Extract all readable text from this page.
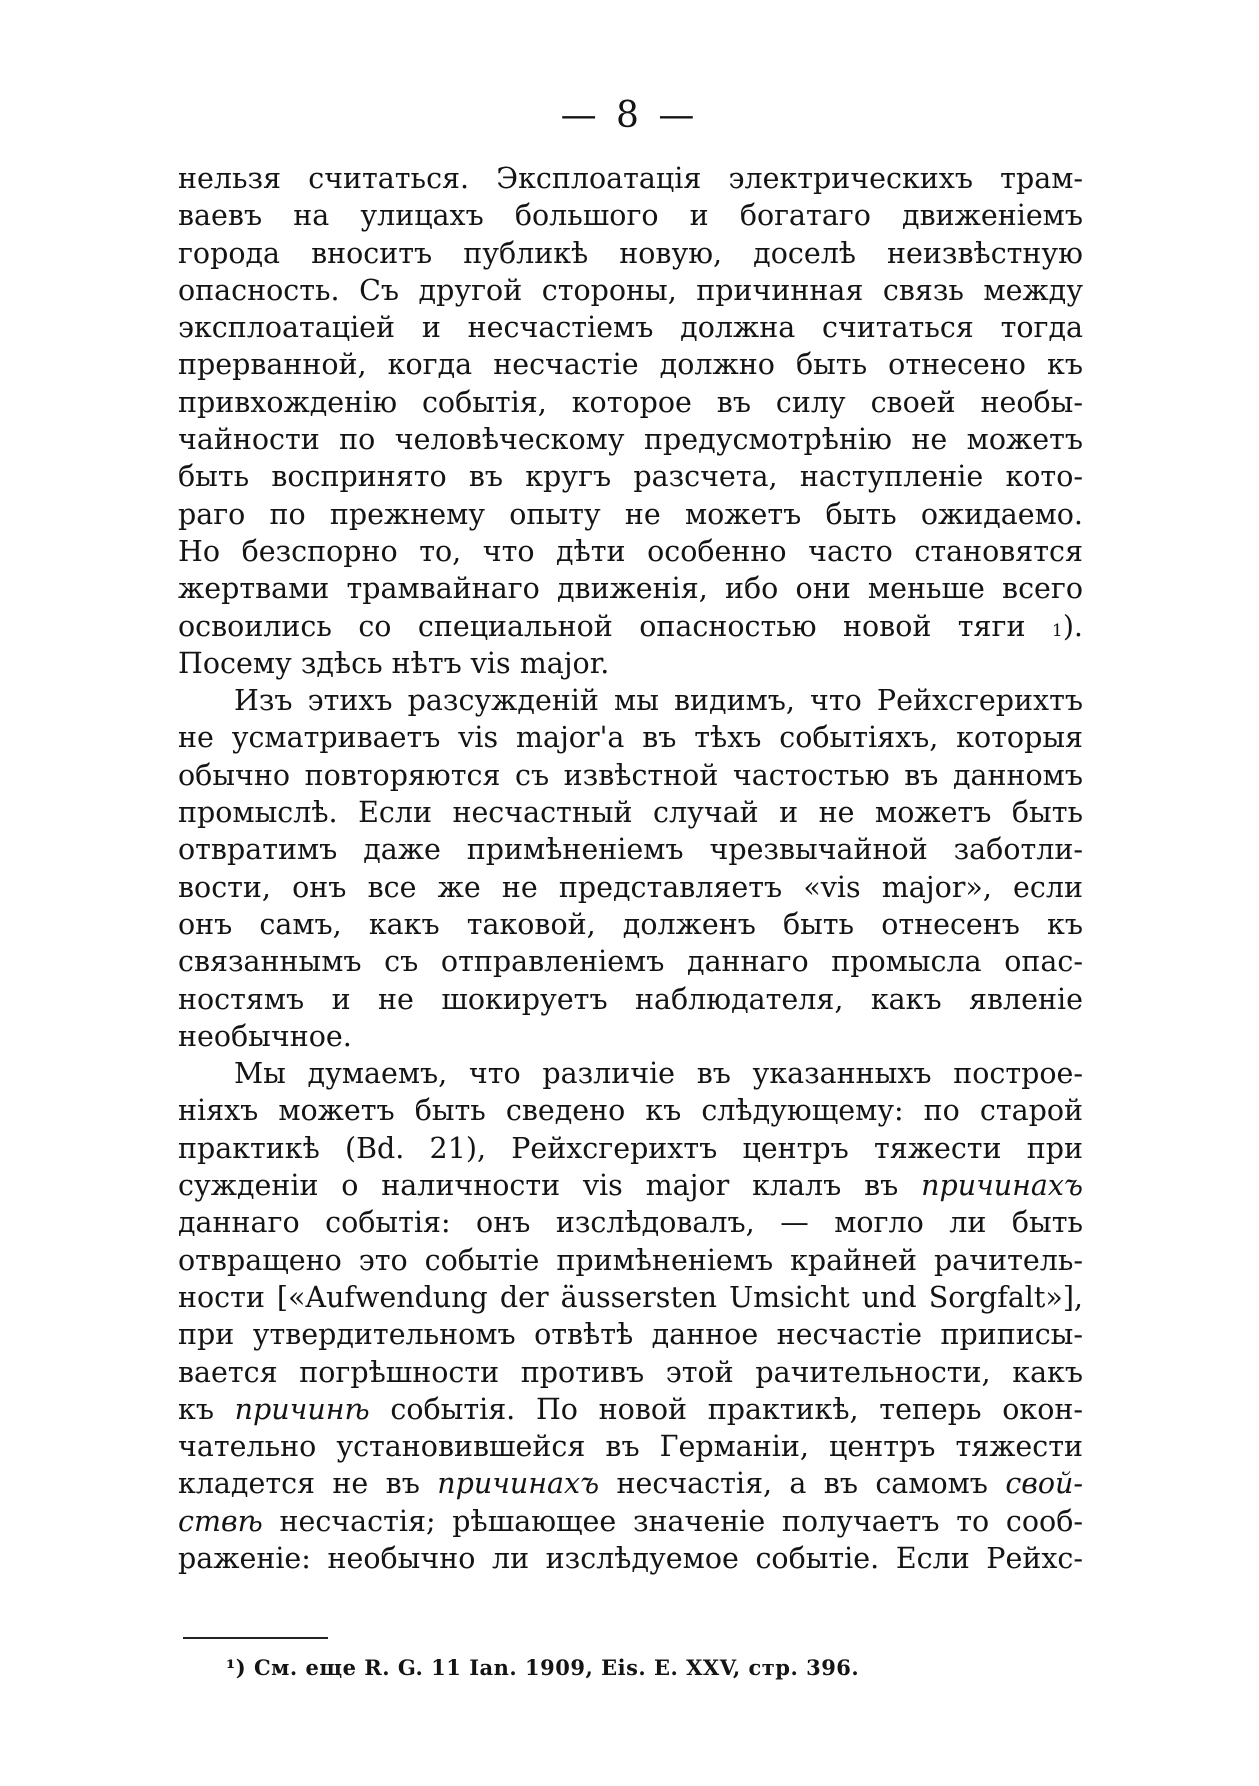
— 8 —
нельзя считаться. Эксплоатація электрическихъ трам-
ваевъ на улицахъ большого и богатаго движеніемъ
города вноситъ публикѣ новую, доселѣ неизвѣстную
опасность. Съ другой стороны, причинная связь между
эксплоатаціей и несчастіемъ должна считаться тогда
прерванной, когда несчастіе должно быть отнесено къ
привхожденію событія, которое въ силу своей необы-
чайности по человѣческому предусмотрѣнію не можетъ
быть воспринято въ кругъ разсчета, наступленіе кото-
раго по прежнему опыту не можетъ быть ожидаемо.
Но безспорно то, что дѣти особенно часто становятся
жертвами трамвайнаго движенія, ибо они меньше всего
освоились со специальной опасностью новой тяги $^1$).
Посему здѣсь нѣтъ vis major.
Изъ этихъ разсужденій мы видимъ, что Рейхсгерихтъ
не усматриваетъ vis major'а въ тѣхъ событіяхъ, которыя
обычно повторяются съ извѣстной частостью въ данномъ
промыслѣ. Если несчастный случай и не можетъ быть
отвратимъ даже примѣненіемъ чрезвычайной заботли-
вости, онъ все же не представляетъ «vis major», если
онъ самъ, какъ таковой, долженъ быть отнесенъ къ
связаннымъ съ отправленіемъ даннаго промысла опас-
ностямъ и не шокируетъ наблюдателя, какъ явленіе
необычное.
Мы думаемъ, что различіе въ указанныхъ построе-
ніяхъ можетъ быть сведено къ слѣдующему: по старой
практикѣ (Bd. 21), Рейхсгерихтъ центръ тяжести при
сужденіи о наличности vis major клалъ въ причинахъ
даннаго событія: онъ изслѣдовалъ, — могло ли быть
отвращено это событіе примѣненіемъ крайней рачитель-
ности [«Aufwendung der äussersten Umsicht und Sorgfalt»],
при утвердительномъ отвѣтѣ данное несчастіе приписы-
вается погрѣшности противъ этой рачительности, какъ
къ причинѣ событія. По новой практикѣ, теперь окон-
чательно установившейся въ Германіи, центръ тяжести
кладется не въ причинахъ несчастія, а въ самомъ свой-
ствѣ несчастія; рѣшающее значеніе получаетъ то сооб-
раженіе: необычно ли изслѣдуемое событіе. Если Рейхс-
¹) См. еще R. G. 11 Ian. 1909, Eis. E. XXV, стр. 396.
